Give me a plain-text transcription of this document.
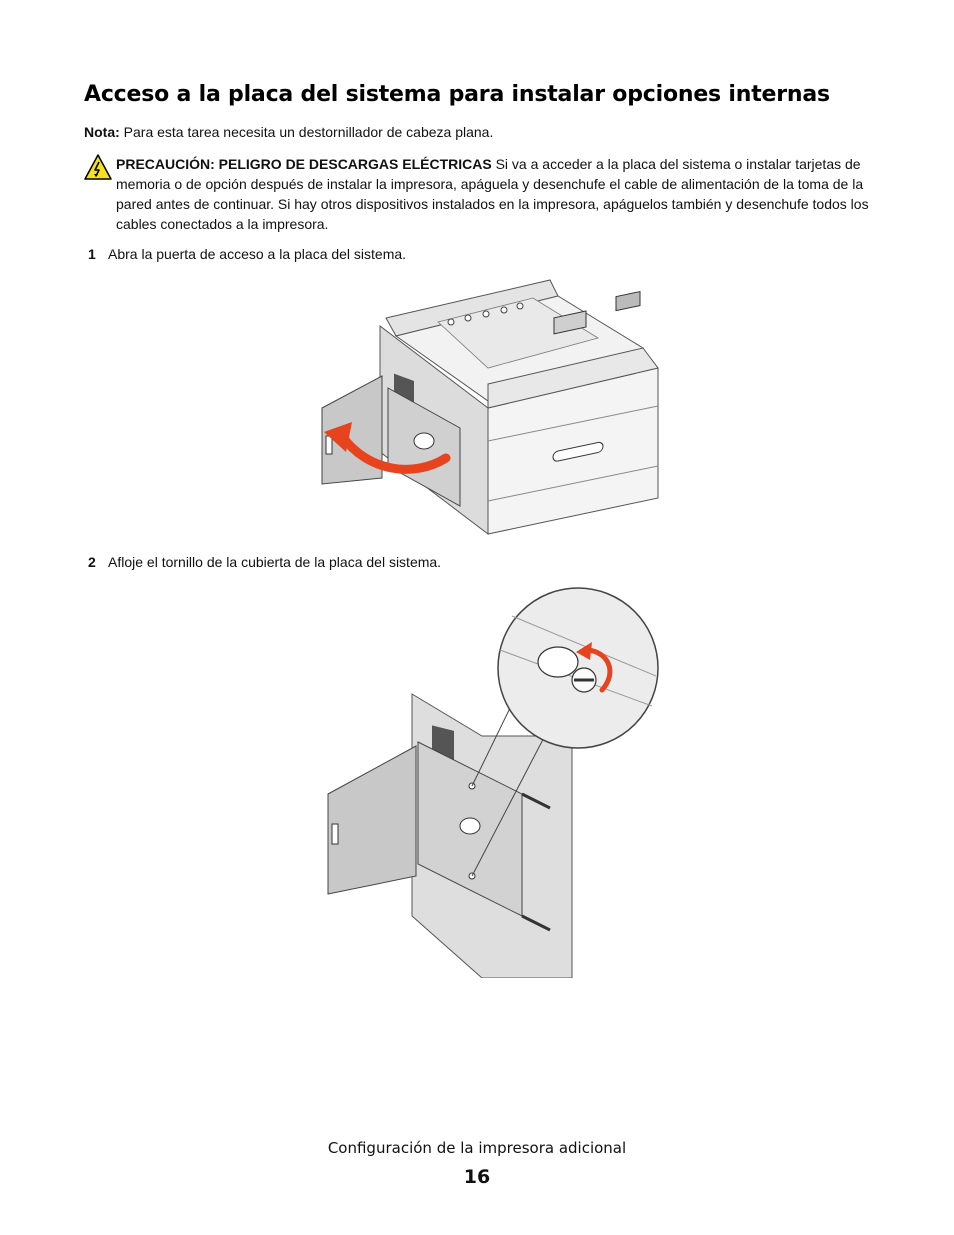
Acceso a la placa del sistema para instalar opciones internas
Nota: Para esta tarea necesita un destornillador de cabeza plana.
PRECAUCIÓN: PELIGRO DE DESCARGAS ELÉCTRICAS Si va a acceder a la placa del sistema o instalar tarjetas de memoria o de opción después de instalar la impresora, apáguela y desenchufe el cable de alimentación de la toma de la pared antes de continuar. Si hay otros dispositivos instalados en la impresora, apáguelos también y desenchufe todos los cables conectados a la impresora.
1 Abra la puerta de acceso a la placa del sistema.
2 Afloje el tornillo de la cubierta de la placa del sistema.
Configuración de la impresora adicional
16
